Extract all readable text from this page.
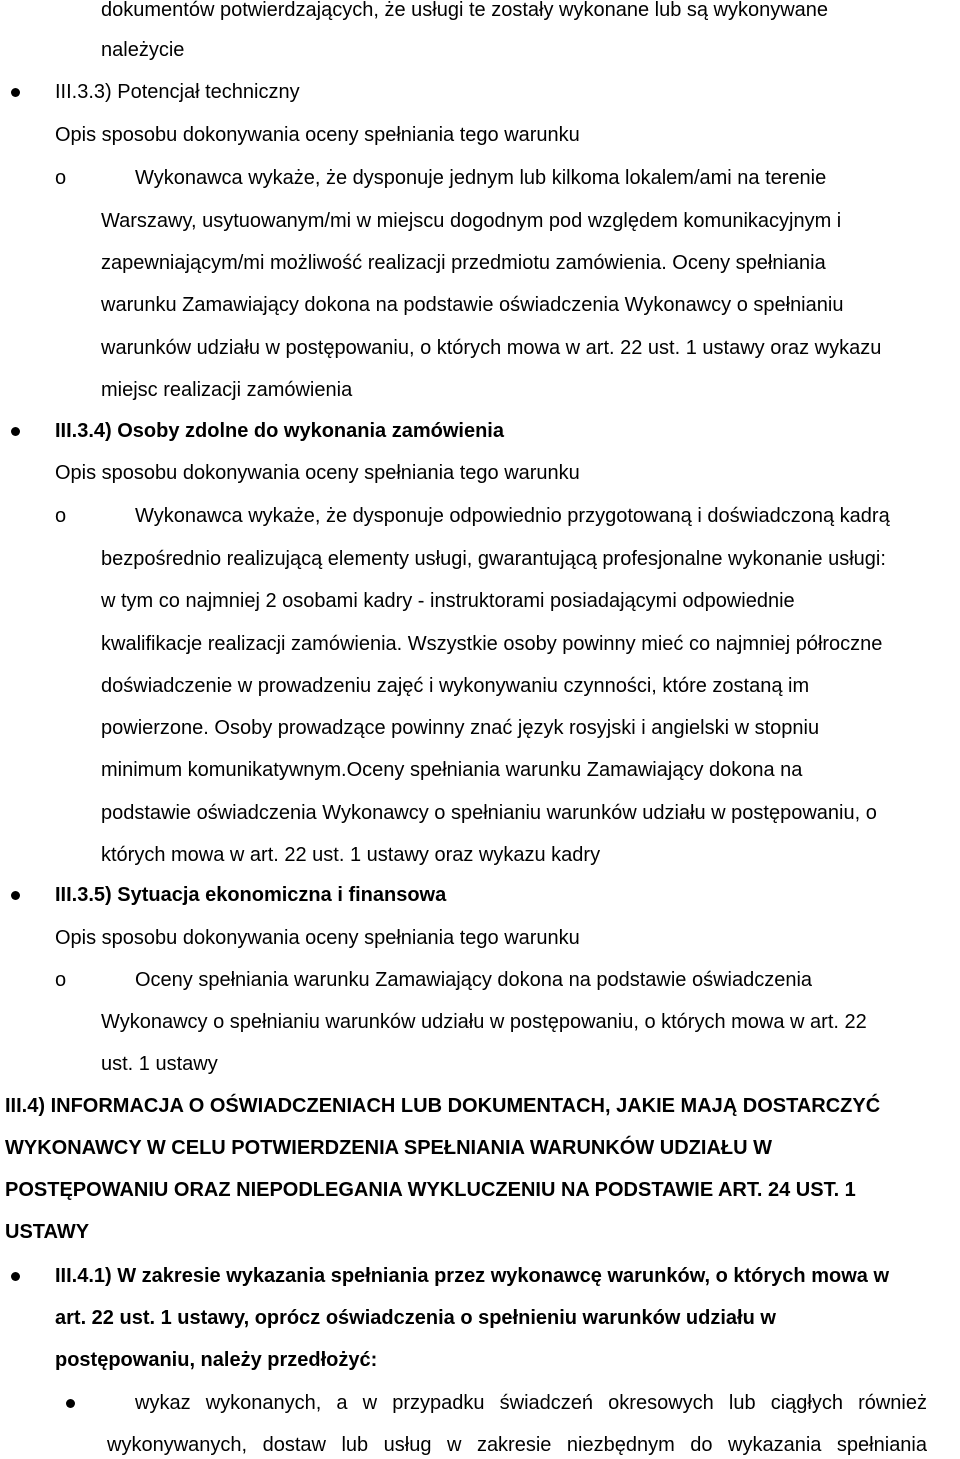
dokumentów potwierdzających, że usługi te zostały wykonane lub są wykonywane
należycie
III.3.3) Potencjał techniczny
Opis sposobu dokonywania oceny spełniania tego warunku
o	Wykonawca wykaże, że dysponuje jednym lub kilkoma lokalem/ami na terenie
Warszawy, usytuowanym/mi w miejscu dogodnym pod względem komunikacyjnym i
zapewniającym/mi możliwość realizacji przedmiotu zamówienia. Oceny spełniania
warunku Zamawiający dokona na podstawie oświadczenia Wykonawcy o spełnianiu
warunków udziału w postępowaniu, o których mowa w art. 22 ust. 1 ustawy oraz wykazu
miejsc realizacji zamówienia
III.3.4) Osoby zdolne do wykonania zamówienia
Opis sposobu dokonywania oceny spełniania tego warunku
o	Wykonawca wykaże, że dysponuje odpowiednio przygotowaną i doświadczoną kadrą
bezpośrednio realizującą elementy usługi, gwarantującą profesjonalne wykonanie usługi:
w tym co najmniej 2 osobami kadry - instruktorami posiadającymi odpowiednie
kwalifikacje realizacji zamówienia. Wszystkie osoby powinny mieć co najmniej półroczne
doświadczenie w prowadzeniu zajęć i wykonywaniu czynności, które zostaną im
powierzone. Osoby prowadzące powinny znać język rosyjski i angielski w stopniu
minimum komunikatywnym.Oceny spełniania warunku Zamawiający dokona na
podstawie oświadczenia Wykonawcy o spełnianiu warunków udziału w postępowaniu, o
których mowa w art. 22 ust. 1 ustawy oraz wykazu kadry
III.3.5) Sytuacja ekonomiczna i finansowa
Opis sposobu dokonywania oceny spełniania tego warunku
o	Oceny spełniania warunku Zamawiający dokona na podstawie oświadczenia
Wykonawcy o spełnianiu warunków udziału w postępowaniu, o których mowa w art. 22
ust. 1 ustawy
III.4) INFORMACJA O OŚWIADCZENIACH LUB DOKUMENTACH, JAKIE MAJĄ DOSTARCZYĆ
WYKONAWCY W CELU POTWIERDZENIA SPEŁNIANIA WARUNKÓW UDZIAŁU W
POSTĘPOWANIU ORAZ NIEPODLEGANIA WYKLUCZENIU NA PODSTAWIE ART. 24 UST. 1
USTAWY
III.4.1) W zakresie wykazania spełniania przez wykonawcę warunków, o których mowa w
art. 22 ust. 1 ustawy, oprócz oświadczenia o spełnieniu warunków udziału w
postępowaniu, należy przedłożyć:
wykaz wykonanych, a w przypadku świadczeń okresowych lub ciągłych również
wykonywanych, dostaw lub usług w zakresie niezbędnym do wykazania spełniania
